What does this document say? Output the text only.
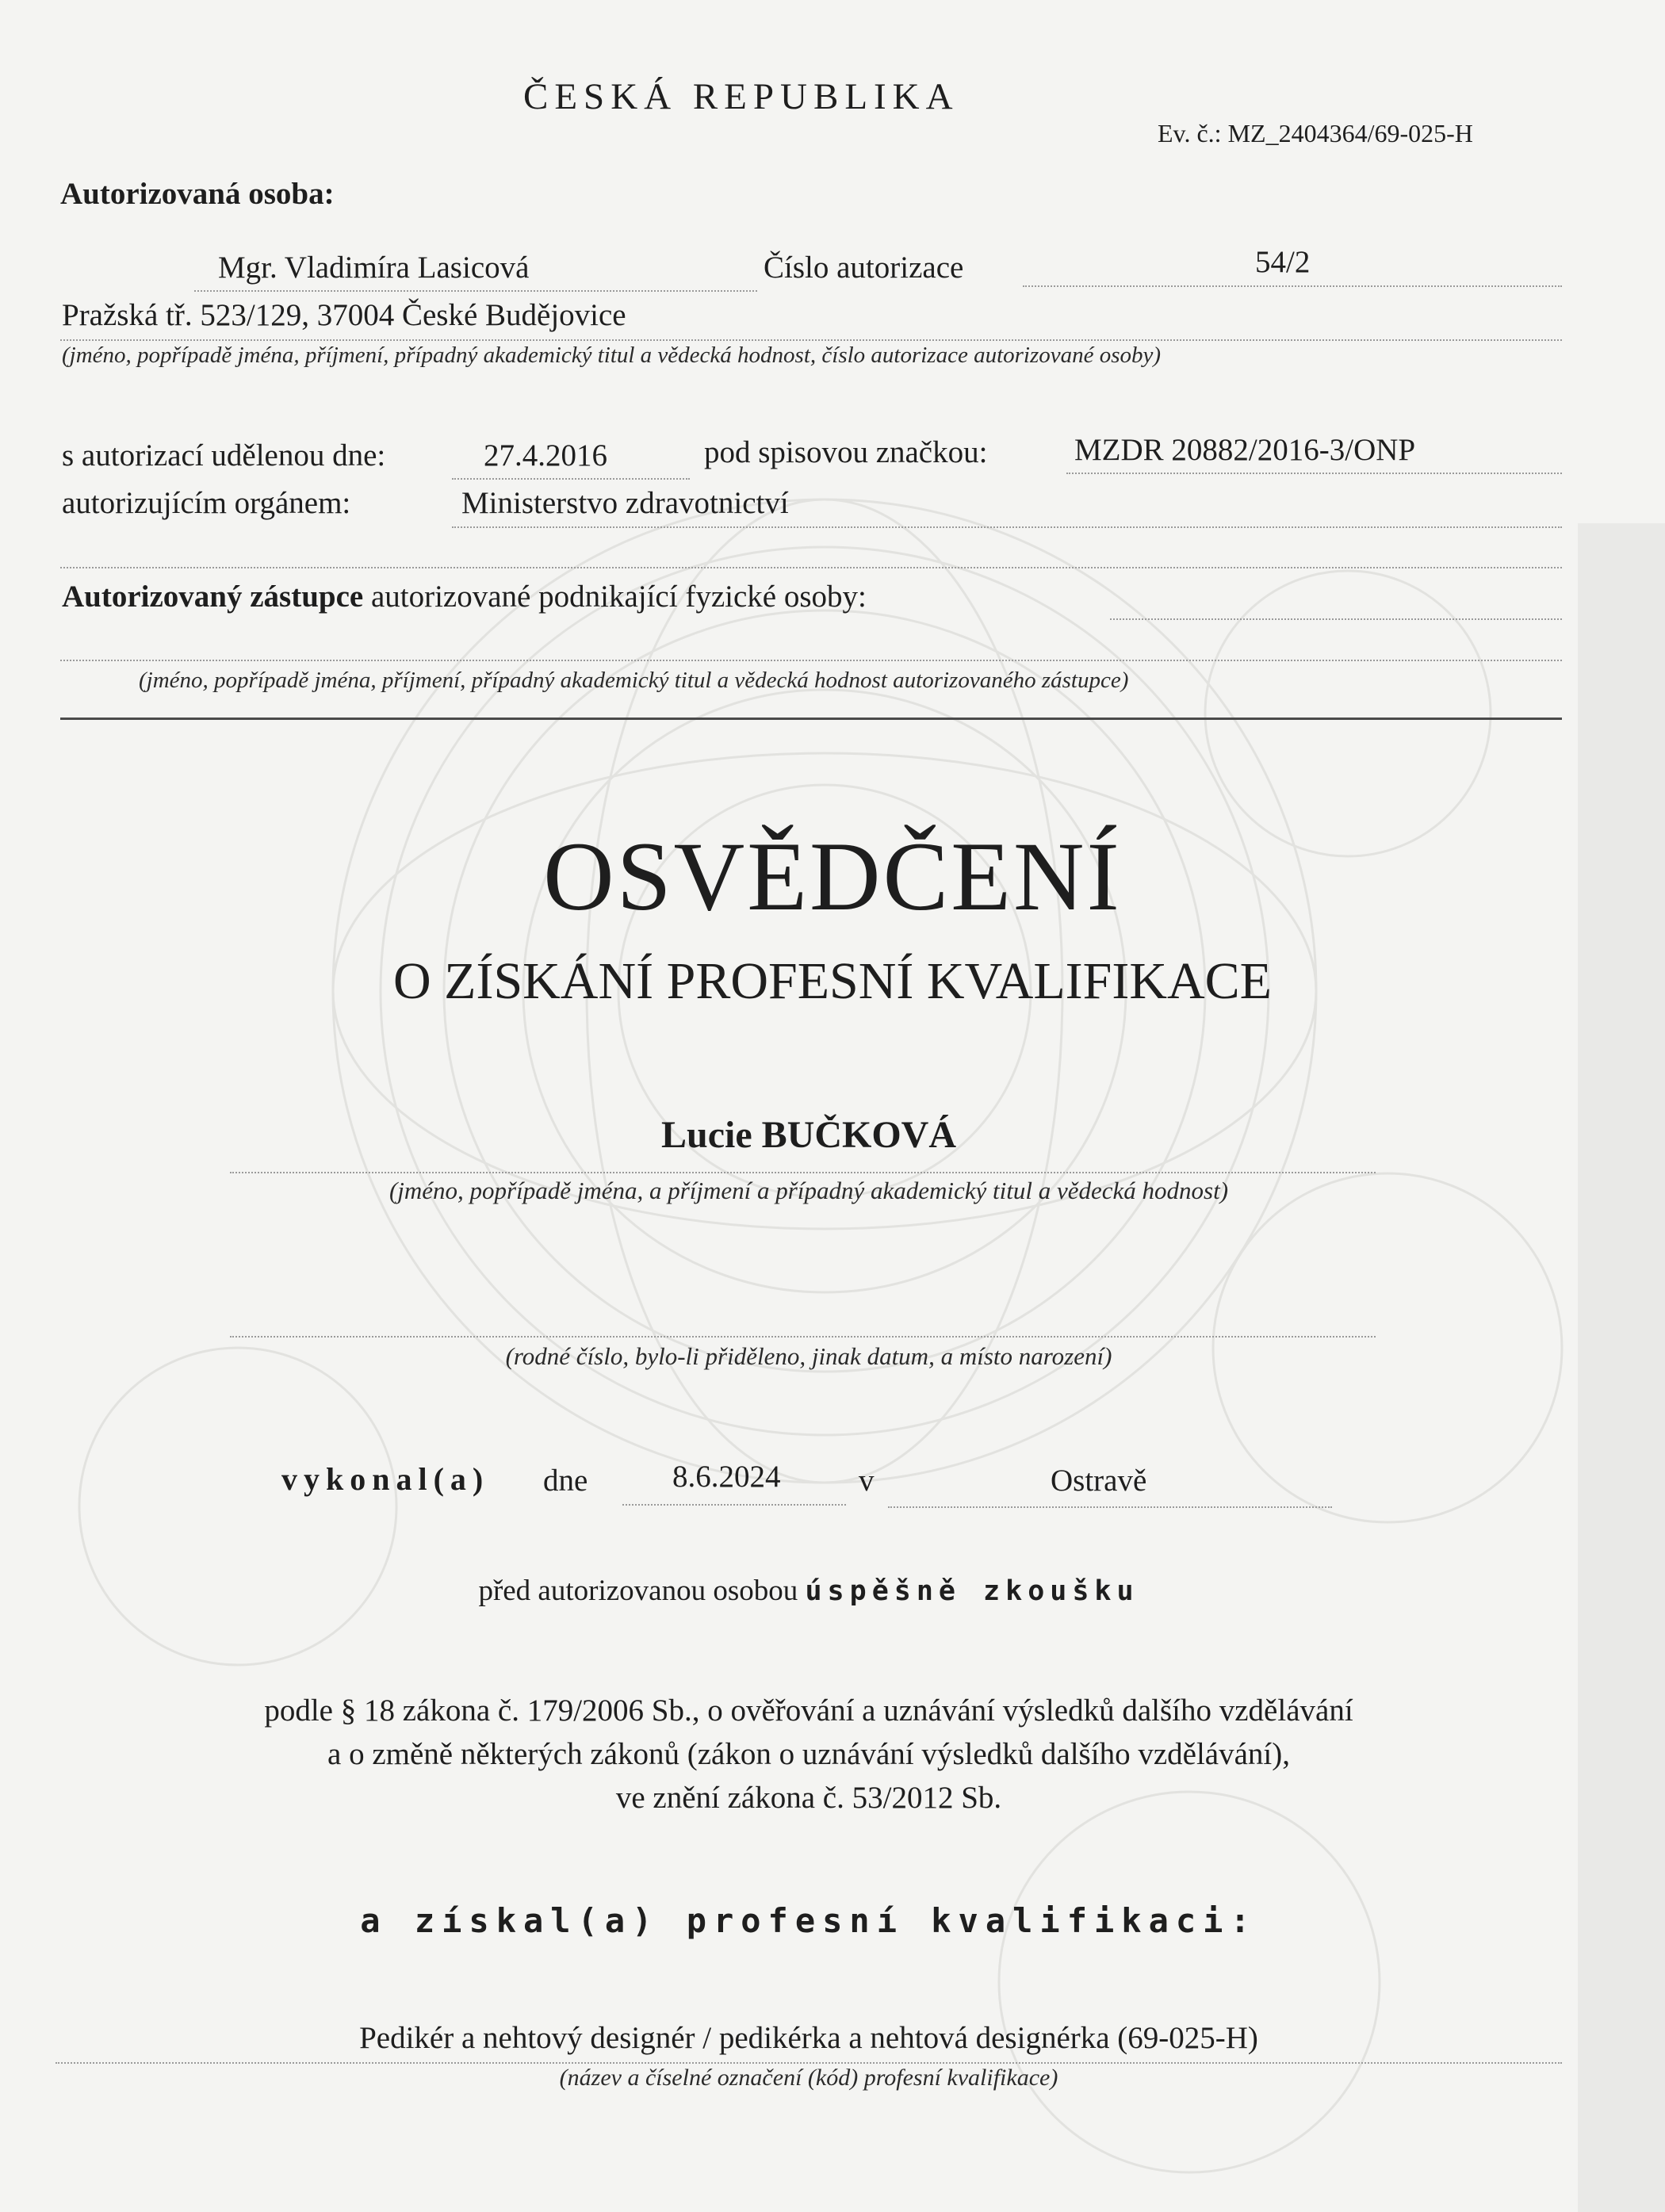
ČESKÁ REPUBLIKA
Ev. č.: MZ_2404364/69-025-H
Autorizovaná osoba:
Mgr. Vladimíra Lasicová	Číslo autorizace	54/2
Pražská tř. 523/129, 37004 České Budějovice
(jméno, popřípadě jména, příjmení, případný akademický titul a vědecká hodnost, číslo autorizace autorizované osoby)
s autorizací udělenou dne:	27.4.2016	pod spisovou značkou:	MZDR 20882/2016-3/ONP
autorizujícím orgánem:	Ministerstvo zdravotnictví
Autorizovaný zástupce autorizované podnikající fyzické osoby:
(jméno, popřípadě jména, příjmení, případný akademický titul a vědecká hodnost autorizovaného zástupce)
OSVĚDČENÍ
O ZÍSKÁNÍ PROFESNÍ KVALIFIKACE
Lucie BUČKOVÁ
(jméno, popřípadě jména, a příjmení a případný akademický titul a vědecká hodnost)
(rodné číslo, bylo-li přiděleno, jinak datum, a místo narození)
vykonal(a) dne	8.6.2024	v	Ostravě
před autorizovanou osobou úspěšně zkoušku
podle § 18 zákona č. 179/2006 Sb., o ověřování a uznávání výsledků dalšího vzdělávání
a o změně některých zákonů (zákon o uznávání výsledků dalšího vzdělávání),
ve znění zákona č. 53/2012 Sb.
a získal(a) profesní kvalifikaci:
Pedikér a nehtový designér / pedikérka a nehtová designérka (69-025-H)
(název a číselné označení (kód) profesní kvalifikace)
